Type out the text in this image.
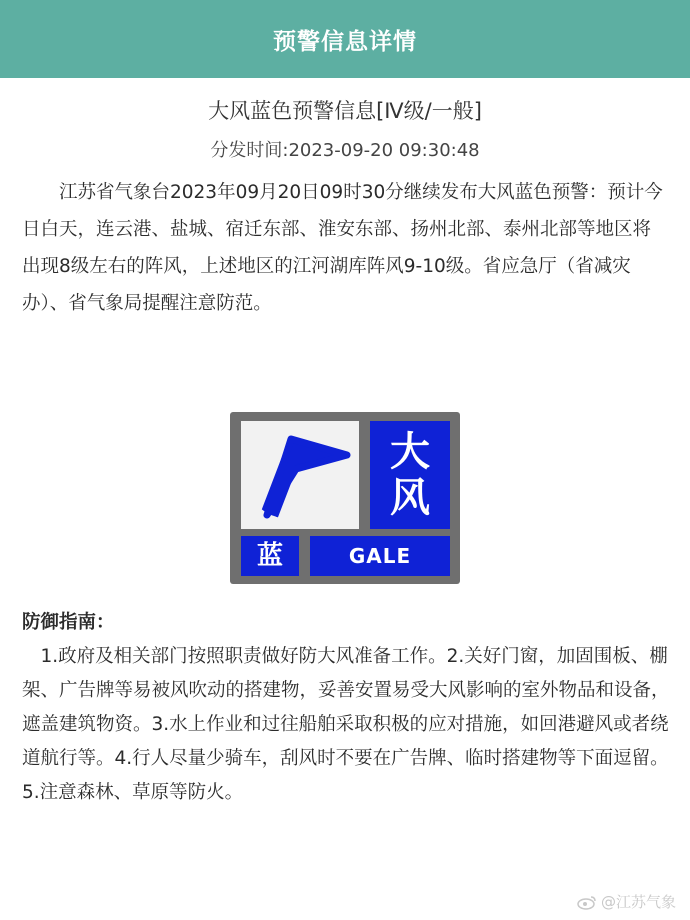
预警信息详情
大风蓝色预警信息[Ⅳ级/一般]
分发时间:2023-09-20 09:30:48
江苏省气象台2023年09月20日09时30分继续发布大风蓝色预警：预计今日白天，连云港、盐城、宿迁东部、淮安东部、扬州北部、泰州北部等地区将出现8级左右的阵风，上述地区的江河湖库阵风9-10级。省应急厅（省减灾办）、省气象局提醒注意防范。
大
风
蓝	GALE
防御指南：
1.政府及相关部门按照职责做好防大风准备工作。2.关好门窗，加固围板、棚架、广告牌等易被风吹动的搭建物，妥善安置易受大风影响的室外物品和设备，遮盖建筑物资。3.水上作业和过往船舶采取积极的应对措施，如回港避风或者绕道航行等。4.行人尽量少骑车，刮风时不要在广告牌、临时搭建物等下面逗留。5.注意森林、草原等防火。
@江苏气象
